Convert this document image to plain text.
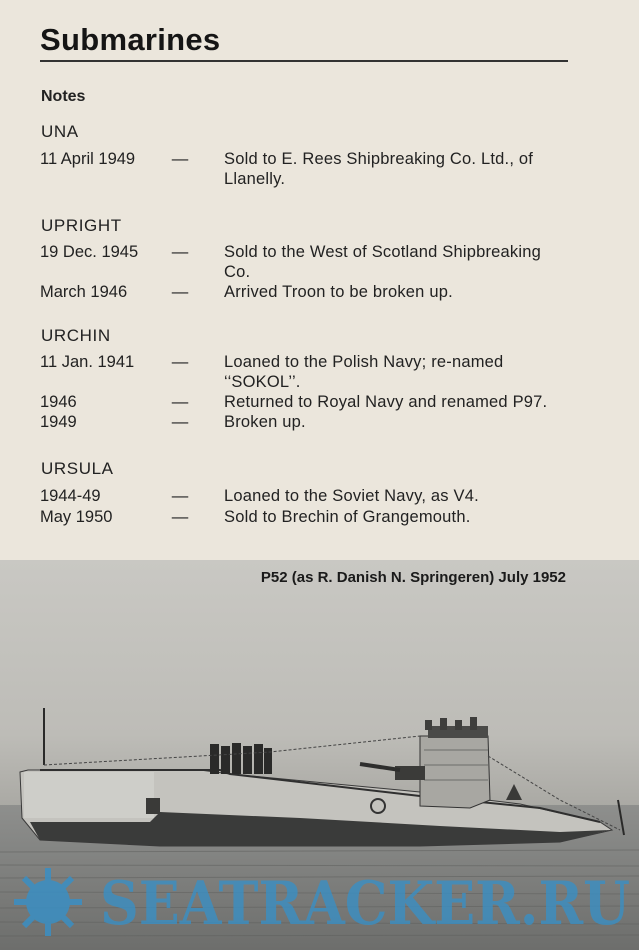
Submarines
Notes
UNA
11 April 1949 — Sold to E. Rees Shipbreaking Co. Ltd., of Llanelly.
UPRIGHT
19 Dec. 1945 — Sold to the West of Scotland Shipbreaking Co.
March 1946	— Arrived Troon to be broken up.
URCHIN
11 Jan. 1941 — Loaned to the Polish Navy; re-named ‘‘SOKOL’’.
1946	— Returned to Royal Navy and renamed P97.
1949	— Broken up.
URSULA
1944-49	— Loaned to the Soviet Navy, as V4.
May 1950	— Sold to Brechin of Grangemouth.
P52 (as R. Danish N. Springeren) July 1952
SEATRACKER.RU
